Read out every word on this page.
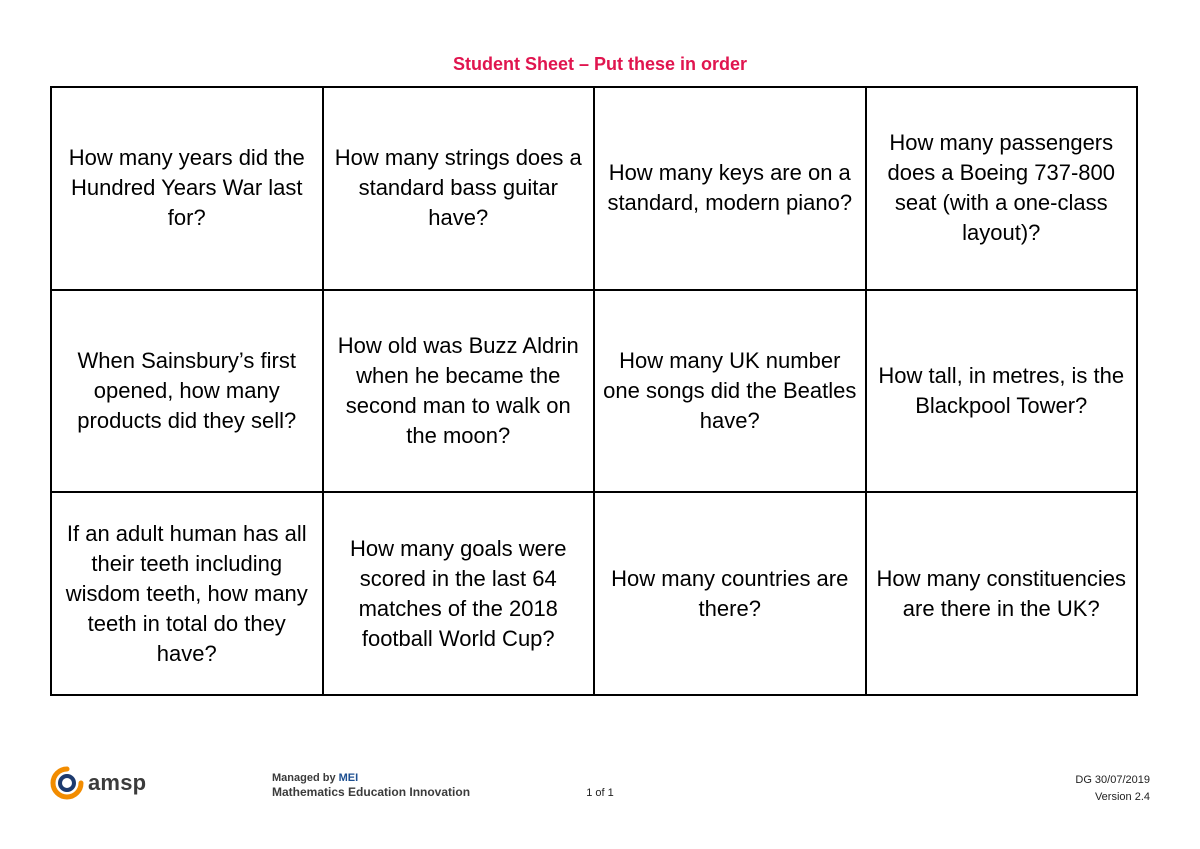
Student Sheet – Put these in order
How many years did the Hundred Years War last for?	How many strings does a standard bass guitar have?	How many keys are on a standard, modern piano?	How many passengers does a Boeing 737-800 seat (with a one-class layout)?
When Sainsbury’s first opened, how many products did they sell?	How old was Buzz Aldrin when he became the second man to walk on the moon?	How many UK number one songs did the Beatles have?	How tall, in metres, is the Blackpool Tower?
If an adult human has all their teeth including wisdom teeth, how many teeth in total do they have?	How many goals were scored in the last 64 matches of the 2018 football World Cup?	How many countries are there?	How many constituencies are there in the UK?
amsp	Managed by MEI
Mathematics Education Innovation	1 of 1
DG 30/07/2019
Version 2.4
